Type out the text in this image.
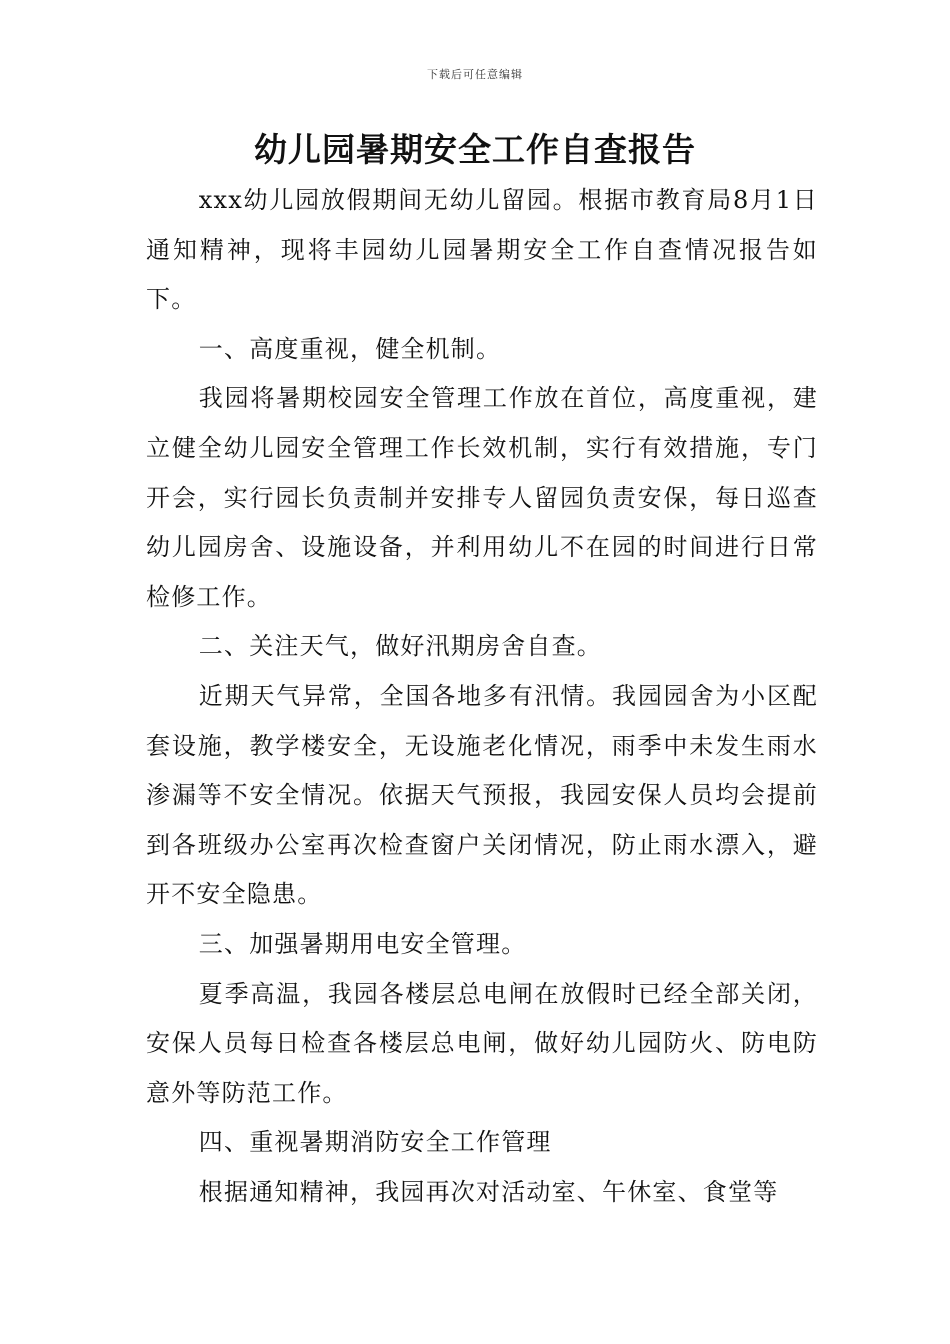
下载后可任意编辑
幼儿园暑期安全工作自查报告

xxx幼儿园放假期间无幼儿留园。根据市教育局8月1日通知精神，现将丰园幼儿园暑期安全工作自查情况报告如下。

一、高度重视，健全机制。

我园将暑期校园安全管理工作放在首位，高度重视，建立健全幼儿园安全管理工作长效机制，实行有效措施，专门开会，实行园长负责制并安排专人留园负责安保，每日巡查幼儿园房舍、设施设备，并利用幼儿不在园的时间进行日常检修工作。

二、关注天气，做好汛期房舍自查。

近期天气异常，全国各地多有汛情。我园园舍为小区配套设施，教学楼安全，无设施老化情况，雨季中未发生雨水渗漏等不安全情况。依据天气预报，我园安保人员均会提前到各班级办公室再次检查窗户关闭情况，防止雨水漂入，避开不安全隐患。

三、加强暑期用电安全管理。

夏季高温，我园各楼层总电闸在放假时已经全部关闭，安保人员每日检查各楼层总电闸，做好幼儿园防火、防电防意外等防范工作。

四、重视暑期消防安全工作管理

根据通知精神，我园再次对活动室、午休室、食堂等
